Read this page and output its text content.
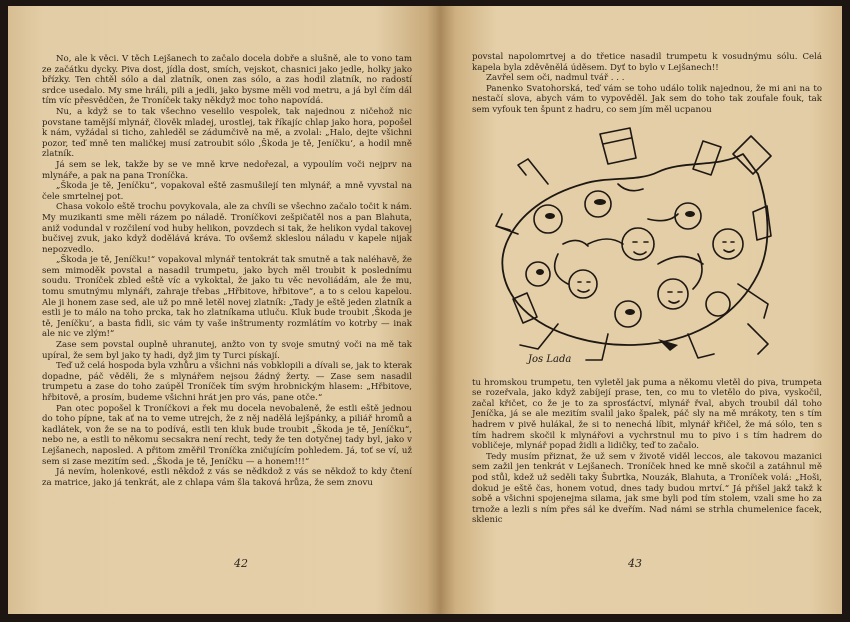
No, ale k věci. V těch Lejšanech to začalo docela dobře a slušně, ale to vono tam ze začátku dycky. Piva dost, jídla dost, smích, vejskot, chasnici jako jedle, holky jako břízky. Ten chtěl sólo a dal zlatník, onen zas sólo, a zas hodil zlatník, no radostí srdce usedalo. My sme hráli, pili a jedli, jako bysme měli vod metru, a já byl čím dál tím víc přesvědčen, že Troníček taky někdyž moc toho napovídá.

Nu, a když se to tak všechno veselilo vespolek, tak najednou z ničehož nic povstane tamější mlynář, člověk mladej, urostlej, tak říkajíc chlap jako hora, popošel k nám, vyžádal si ticho, zahleděl se zádumčivě na mě, a zvolal: „Halo, dejte všichni pozor, teď mně ten maličkej musí zatroubit sólo ‚Škoda je tě, Jeníčku‘, a hodil mně zlatník.

Já sem se lek, takže by se ve mně krve nedořezal, a vypoulím voči nejprv na mlynáře, a pak na pana Troníčka.

„Škoda je tě, Jeníčku“, vopakoval eště zasmušilejí ten mlynář, a mně vyvstal na čele smrtelnej pot.

Chasa vokolo eště trochu povykovala, ale za chvíli se všechno začalo točit k nám. My muzikanti sme měli rázem po náladě. Troníčkovi zešpičatěl nos a pan Blahuta, aniž vodundal v rozčilení vod huby helikon, povzdech si tak, že helikon vydal takovej bučivej zvuk, jako když dodělává kráva. To ovšemž skleslou náladu v kapele nijak nepozvedlo.

„Škoda je tě, Jeníčku!“ vopakoval mlynář tentokrát tak smutně a tak naléhavě, že sem mimoděk povstal a nasadil trumpetu, jako bych měl troubit k poslednímu soudu. Troníček zbled eště víc a vykoktal, že jako tu věc nevoliádám, ale že mu, tomu smutnýmu mlynáři, zahraje třebas „Hřbitove, hřbitove“, a to s celou kapelou. Ale ji honem zase sed, ale už po mně letěl novej zlatník: „Tady je eště jeden zlatník a estli je to málo na toho prcka, tak ho zlatníkama utluču. Kluk bude troubit ‚Škoda je tě, Jeníčku‘, a basta fidli, sic vám ty vaše inštrumenty rozmlátím vo kotrby — inak ale nic ve zlým!“

Zase sem povstal ouplně uhranutej, anžto von ty svoje smutný voči na mě tak upíral, že sem byl jako ty hadi, dyž jim ty Turci pískají.

Teď už celá hospoda byla vzhůru a všichni nás vobklopili a dívali se, jak to kterak dopadne, páč věděli, že s mlynářem nejsou žádný žerty. — Zase sem nasadil trumpetu a zase do toho zaúpěl Troníček tím svým hrobnickým hlasem: „Hřbitove, hřbitově, a prosím, budeme všichni hrát jen pro vás, pane otče.“

Pan otec popošel k Troníčkovi a řek mu docela nevobaleně, že estli eště jednou do toho pípne, tak ať na to veme utrejch, že z něj nadělá lejšpánky, a piliář hromů a kadlátek, von že se na to podívá, estli ten kluk bude troubit „Škoda je tě, Jeníčku“, nebo ne, a estli to někomu secsakra není recht, tedy že ten dotyčnej tady byl, jako v Lejšanech, naposled. A přitom změřil Troníčka zničujícím pohledem. Já, toť se ví, už sem si zase mezitím sed. „Škoda je tě, Jeníčku — a honem!!!“

Já nevím, holenkové, estli někdož z vás se nědkdož z vás se někdož to kdy čtení za matrice, jako já tenkrát, ale z chlapa vám šla taková hrůza, že sem znovu

42

povstal napolomrtvej a do třetice nasadil trumpetu k vosudnýmu sólu. Celá kapela byla zděvěnělá úděsem. Dyť to bylo v Lejšanech!!

Zavřel sem oči, nadmul tvář . . .

Panenko Svatohorská, teď vám se toho událo tolik najednou, že mi ani na to nestačí slova, abych vám to vypověděl. Jak sem do toho tak zoufale fouk, tak sem vyfouk ten špunt z hadru, co sem jím měl ucpanou

Jos Lada

tu hromskou trumpetu, ten vyletěl jak puma a někomu vletěl do piva, trumpeta se rozeřvala, jako když zabíjejí prase, ten, co mu to vletělo do piva, vyskočil, začal křičet, co že je to za sprosťáctví, mlynář řval, abych troubil dál toho Jeníčka, já se ale mezitím svalil jako špalek, páč sly na mě mrákoty, ten s tím hadrem v pivě hulákal, že si to nenechá líbit, mlynář křičel, že má sólo, ten s tím hadrem skočil k mlynářovi a vychrstnul mu to pivo i s tím hadrem do vobličeje, mlynář popad židli a lidičky, teď to začalo.

Tedy musím přiznat, že už sem v životě viděl leccos, ale takovou mazanici sem zažil jen tenkrát v Lejšanech. Troníček hned ke mně skočil a zatáhnul mě pod stůl, kdež už seděli taky Šubrtka, Nouzák, Blahuta, a Troníček volá: „Hoši, dokud je eště čas, honem votud, dnes tady budou mrtví.“ Já přišel jakž takž k sobě a všichni spojenejma silama, jak sme byli pod tím stolem, vzali sme ho za trnože a lezli s ním přes sál ke dveřím. Nad námi se strhla chumelenice facek, sklenic

43
